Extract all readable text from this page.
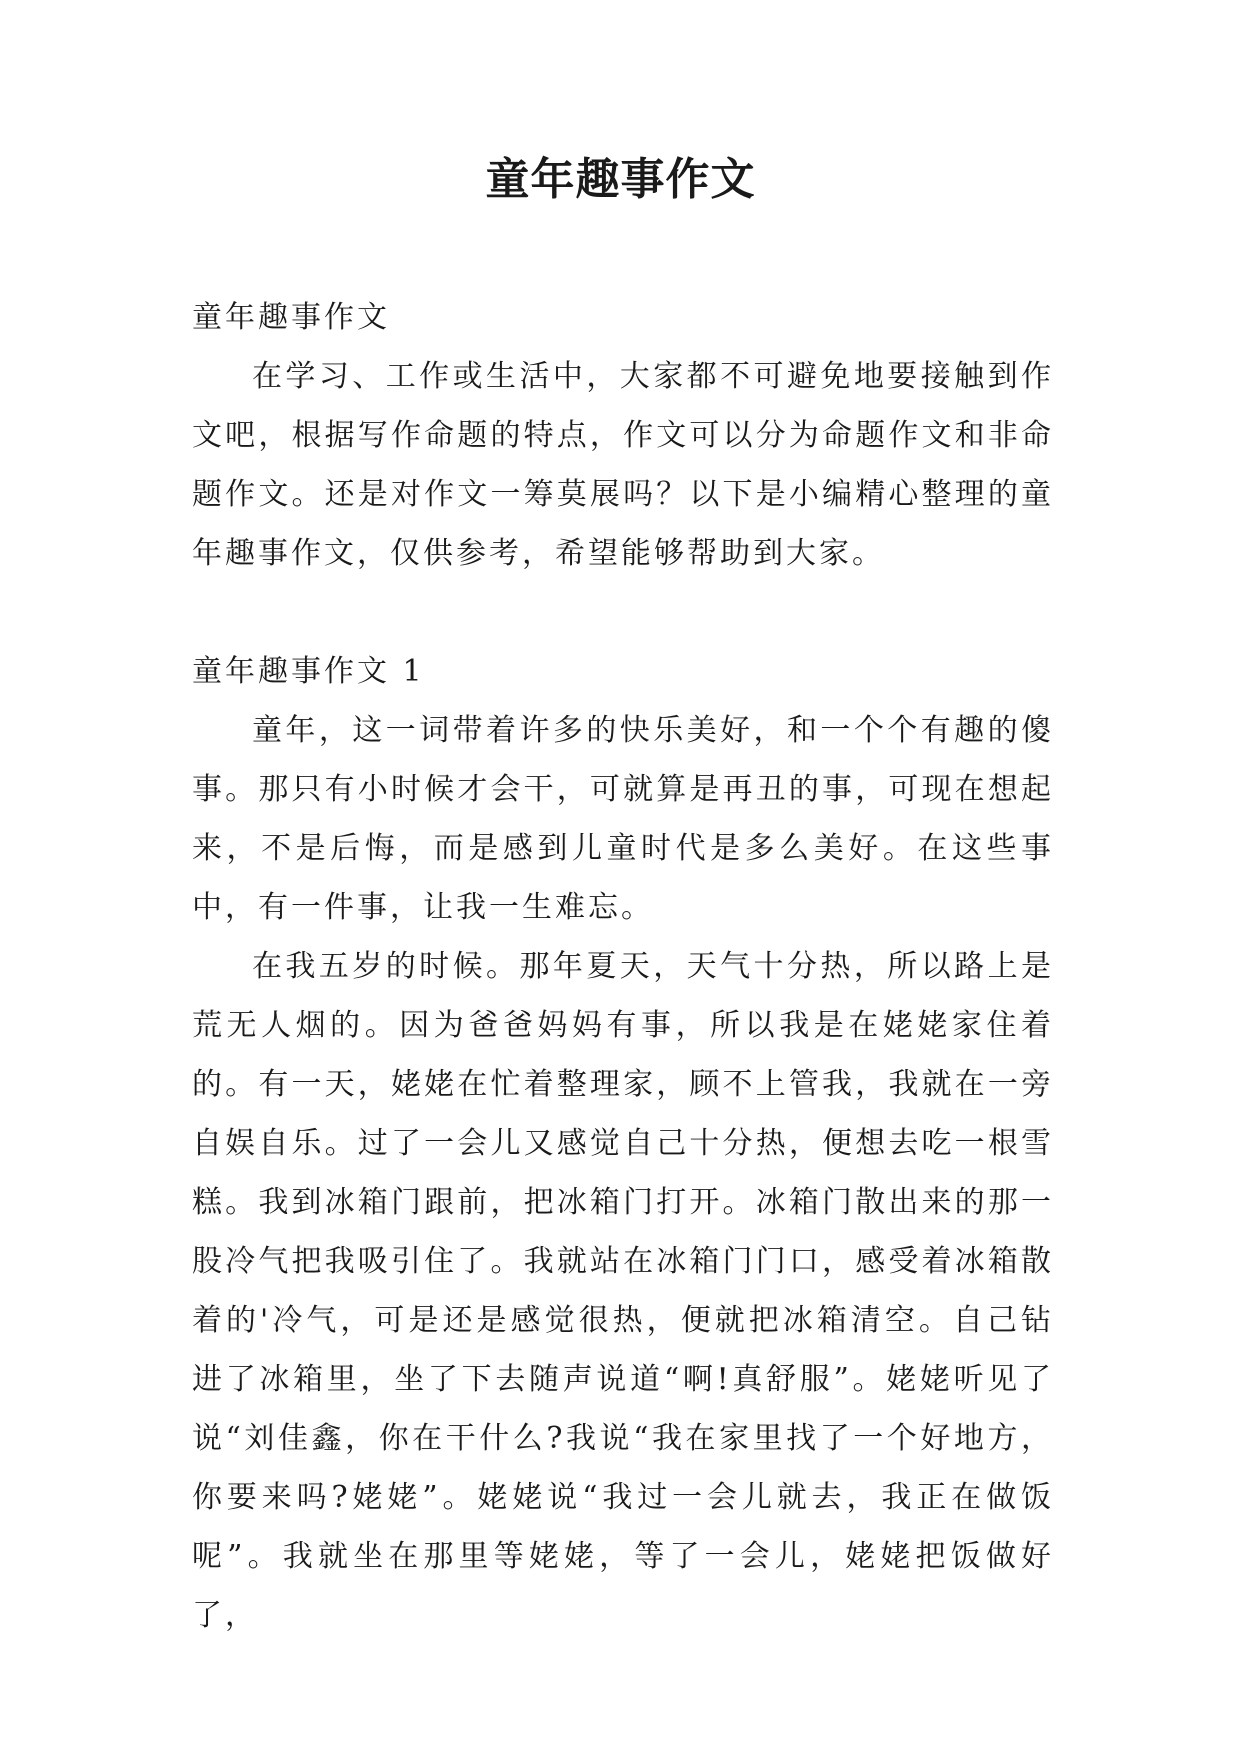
童年趣事作文

童年趣事作文

在学习、工作或生活中，大家都不可避免地要接触到作文吧，根据写作命题的特点，作文可以分为命题作文和非命题作文。还是对作文一筹莫展吗？以下是小编精心整理的童年趣事作文，仅供参考，希望能够帮助到大家。

童年趣事作文 1

童年，这一词带着许多的快乐美好，和一个个有趣的傻事。那只有小时候才会干，可就算是再丑的事，可现在想起来，不是后悔，而是感到儿童时代是多么美好。在这些事中，有一件事，让我一生难忘。

在我五岁的时候。那年夏天，天气十分热，所以路上是荒无人烟的。因为爸爸妈妈有事，所以我是在姥姥家住着的。有一天，姥姥在忙着整理家，顾不上管我，我就在一旁自娱自乐。过了一会儿又感觉自己十分热，便想去吃一根雪糕。我到冰箱门跟前，把冰箱门打开。冰箱门散出来的那一股冷气把我吸引住了。我就站在冰箱门门口，感受着冰箱散着的'冷气，可是还是感觉很热，便就把冰箱清空。自己钻进了冰箱里，坐了下去随声说道“啊!真舒服”。姥姥听见了说“刘佳鑫，你在干什么?我说“我在家里找了一个好地方，你要来吗?姥姥”。姥姥说“我过一会儿就去，我正在做饭呢”。我就坐在那里等姥姥，等了一会儿，姥姥把饭做好了，
